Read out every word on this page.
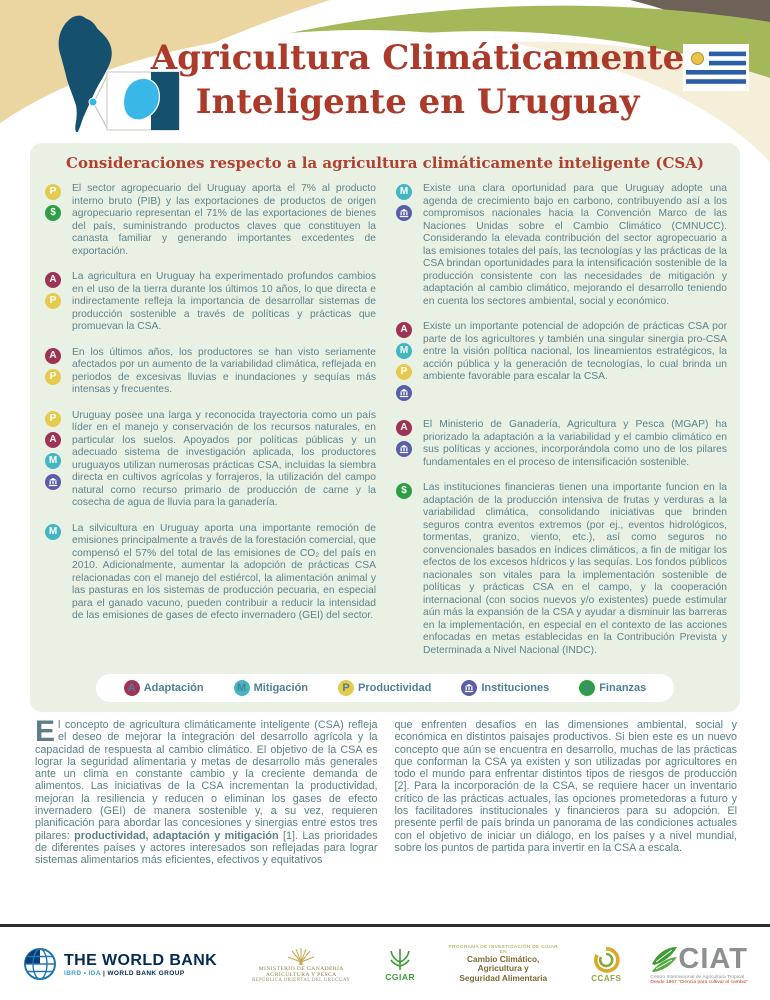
Agricultura Climáticamente
Inteligente en Uruguay
Consideraciones respecto a la agricultura climáticamente inteligente (CSA)
P
$

El sector agropecuario del Uruguay aporta el 7% al producto interno bruto (PIB) y las exportaciones de productos de origen agropecuario representan el 71% de las exportaciones de bienes del país, suministrando productos claves que constituyen la canasta familiar y generando importantes excedentes de exportación.

A
P

La agricultura en Uruguay ha experimentado profundos cambios en el uso de la tierra durante los últimos 10 años, lo que directa e indirectamente refleja la importancia de desarrollar sistemas de producción sostenible a través de políticas y prácticas que promuevan la CSA.

A
P

En los últimos años, los productores se han visto seriamente afectados por un aumento de la variabilidad climática, reflejada en periodos de excesivas lluvias e inundaciones y sequías más intensas y frecuentes.

P
A
M

Uruguay posee una larga y reconocida trayectoria como un país líder en el manejo y conservación de los recursos naturales, en particular los suelos. Apoyados por políticas públicas y un adecuado sistema de investigación aplicada, los productores uruguayos utilizan numerosas prácticas CSA, incluidas la siembra directa en cultivos agrícolas y forrajeros, la utilización del campo natural como recurso primario de producción de carne y la cosecha de agua de lluvia para la ganadería.

M	La silvicultura en Uruguay aporta una importante remoción de emisiones principalmente a través de la forestación comercial, que compensó el 57% del total de las emisiones de CO₂ del país en 2010. Adicionalmente, aumentar la adopción de prácticas CSA relacionadas con el manejo del estiércol, la alimentación animal y las pasturas en los sistemas de producción pecuaria, en especial para el ganado vacuno, pueden contribuir a reducir la intensidad de las emisiones de gases de efecto invernadero (GEI) del sector.

M	Existe una clara oportunidad para que Uruguay adopte una agenda de crecimiento bajo en carbono, contribuyendo así a los compromisos nacionales hacia la Convención Marco de las Naciones Unidas sobre el Cambio Climático (CMNUCC). Considerando la elevada contribución del sector agropecuario a las emisiones totales del país, las tecnologías y las prácticas de la CSA brindan oportunidades para la intensificación sostenible de la producción consistente con las necesidades de mitigación y adaptación al cambio climático, mejorando el desarrollo teniendo en cuenta los sectores ambiental, social y económico.

A
M
P

Existe un importante potencial de adopción de prácticas CSA por parte de los agricultores y también una singular sinergia pro-CSA entre la visión política nacional, los lineamientos estratégicos, la acción pública y la generación de tecnologías, lo cual brinda un ambiente favorable para escalar la CSA.

A	El Ministerio de Ganadería, Agricultura y Pesca (MGAP) ha priorizado la adaptación a la variabilidad y el cambio climático en sus políticas y acciones, incorporándola como uno de los pilares fundamentales en el proceso de intensificación sostenible.

$	Las instituciones financieras tienen una importante funcion en la adaptación de la producción intensiva de frutas y verduras a la variabilidad climática, consolidando iniciativas que brinden seguros contra eventos extremos (por ej., eventos hidrológicos, tormentas, granizo, viento, etc.), así como seguros no convencionales basados en índices climáticos, a fin de mitigar los efectos de los excesos hídricos y las sequías. Los fondos públicos nacionales son vitales para la implementación sostenible de políticas y prácticas CSA en el campo, y la cooperación internacional (con socios nuevos y/o existentes) puede estimular aún más la expansión de la CSA y ayudar a disminuir las barreras en la implementación, en especial en el contexto de las acciones enfocadas en metas establecidas en la Contribución Prevista y Determinada a Nivel Nacional (INDC).

A Adaptación	M Mitigación	P Productividad	Instituciones	$ Finanzas

El concepto de agricultura climáticamente inteligente (CSA) refleja el deseo de mejorar la integración del desarrollo agrícola y la capacidad de respuesta al cambio climático. El objetivo de la CSA es lograr la seguridad alimentaria y metas de desarrollo más generales ante un clima en constante cambio y la creciente demanda de alimentos. Las iniciativas de la CSA incrementan la productividad, mejoran la resiliencia y reducen o eliminan los gases de efecto invernadero (GEI) de manera sostenible y, a su vez, requieren planificación para abordar las concesiones y sinergias entre estos tres pilares: productividad, adaptación y mitigación [1]. Las prioridades de diferentes países y actores interesados son reflejadas para lograr sistemas alimentarios más eficientes, efectivos y equitativos

que enfrenten desafíos en las dimensiones ambiental, social y económica en distintos paisajes productivos. Si bien este es un nuevo concepto que aún se encuentra en desarrollo, muchas de las prácticas que conforman la CSA ya existen y son utilizadas por agricultores en todo el mundo para enfrentar distintos tipos de riesgos de producción [2]. Para la incorporación de la CSA, se requiere hacer un inventario crítico de las prácticas actuales, las opciones prometedoras a futuro y los facilitadores institucionales y financieros para su adopción. El presente perfil de país brinda un panorama de las condiciones actuales con el objetivo de iniciar un diálogo, en los países y a nivel mundial, sobre los puntos de partida para invertir en la CSA a escala.

THE WORLD BANK
IBRD • IDA | WORLD BANK GROUP
MINISTERIO DE GANADERÍA
AGRICULTURA Y PESCA
REPÚBLICA ORIENTAL DEL URUGUAY	CGIAR
PROGRAMA DE INVESTIGACIÓN DE CGIAR EN
Cambio Climático,
Agricultura y
Seguridad Alimentaria	CCAFS
CIAT
Centro Internacional de Agricultura Tropical
Desde 1967 “Ciencia para cultivar el cambio”
